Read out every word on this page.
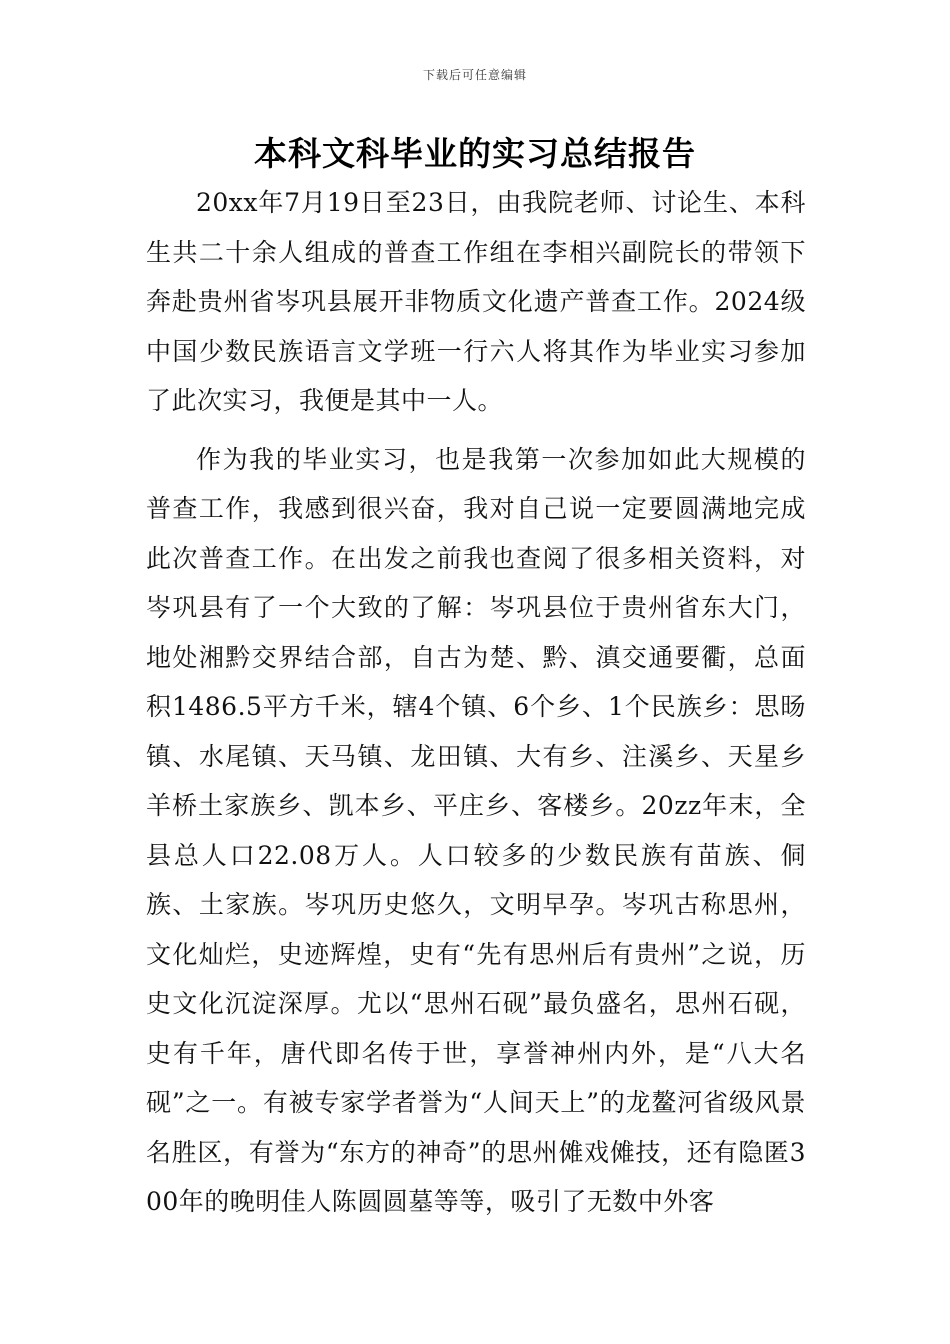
下载后可任意编辑
本科文科毕业的实习总结报告

20xx年7月19日至23日，由我院老师、讨论生、本科生共二十余人组成的普查工作组在李相兴副院长的带领下奔赴贵州省岑巩县展开非物质文化遗产普查工作。2024级中国少数民族语言文学班一行六人将其作为毕业实习参加了此次实习，我便是其中一人。

作为我的毕业实习，也是我第一次参加如此大规模的普查工作，我感到很兴奋，我对自己说一定要圆满地完成此次普查工作。在出发之前我也查阅了很多相关资料，对岑巩县有了一个大致的了解：岑巩县位于贵州省东大门，地处湘黔交界结合部，自古为楚、黔、滇交通要衢，总面积1486.5平方千米，辖4个镇、6个乡、1个民族乡：思旸镇、水尾镇、天马镇、龙田镇、大有乡、注溪乡、天星乡羊桥土家族乡、凯本乡、平庄乡、客楼乡。20zz年末，全县总人口22.08万人。人口较多的少数民族有苗族、侗族、土家族。岑巩历史悠久，文明早孕。岑巩古称思州，文化灿烂，史迹辉煌，史有“先有思州后有贵州”之说，历史文化沉淀深厚。尤以“思州石砚”最负盛名，思州石砚，史有千年，唐代即名传于世，享誉神州内外，是“八大名砚”之一。有被专家学者誉为“人间天上”的龙鳌河省级风景名胜区，有誉为“东方的神奇”的思州傩戏傩技，还有隐匿300年的晚明佳人陈圆圆墓等等，吸引了无数中外客
